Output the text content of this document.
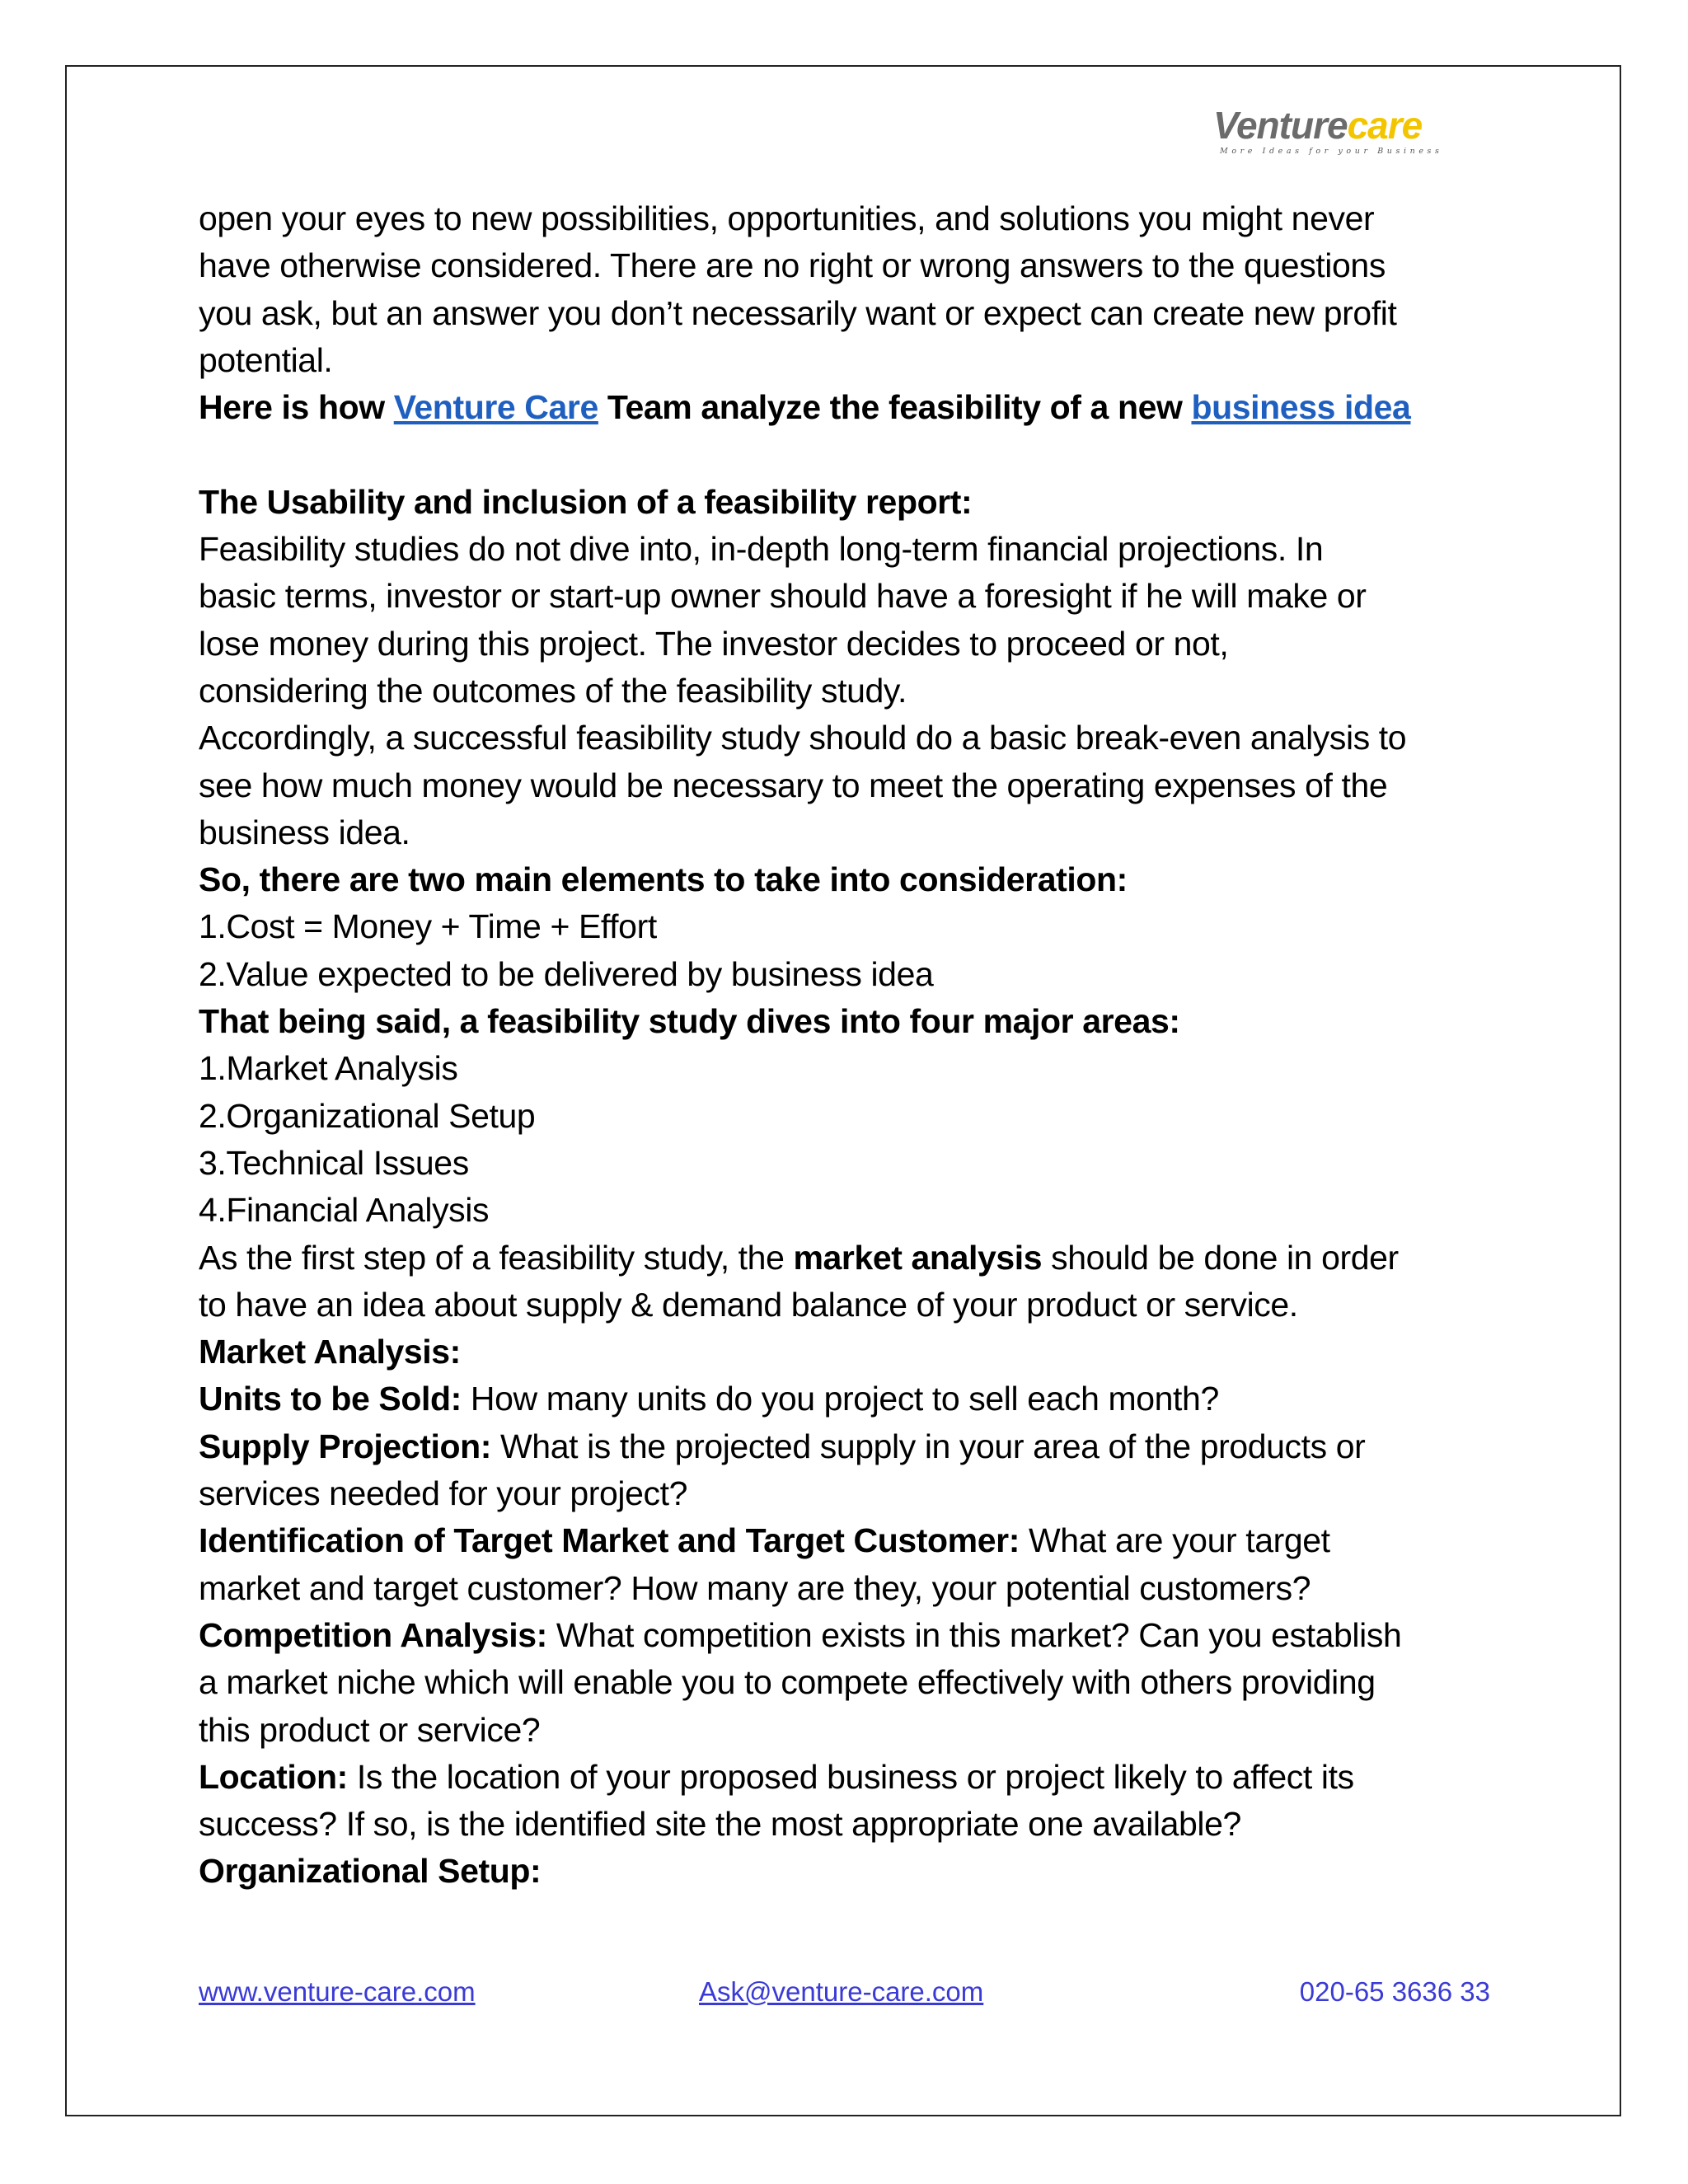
Venturecare
More Ideas for your Business

open your eyes to new possibilities, opportunities, and solutions you might never

have otherwise considered. There are no right or wrong answers to the questions

you ask, but an answer you don’t necessarily want or expect can create new profit

potential.

Here is how Venture Care Team analyze the feasibility of a new business idea

The Usability and inclusion of a feasibility report:

Feasibility studies do not dive into, in-depth long-term financial projections. In

basic terms, investor or start-up owner should have a foresight if he will make or

lose money during this project. The investor decides to proceed or not,

considering the outcomes of the feasibility study.

Accordingly, a successful feasibility study should do a basic break-even analysis to

see how much money would be necessary to meet the operating expenses of the

business idea.

So, there are two main elements to take into consideration:

1.Cost = Money + Time + Effort

2.Value expected to be delivered by business idea

That being said, a feasibility study dives into four major areas:

1.Market Analysis

2.Organizational Setup

3.Technical Issues

4.Financial Analysis

As the first step of a feasibility study, the market analysis should be done in order

to have an idea about supply & demand balance of your product or service.

Market Analysis:

Units to be Sold: How many units do you project to sell each month?

Supply Projection: What is the projected supply in your area of the products or

services needed for your project?

Identification of Target Market and Target Customer: What are your target

market and target customer? How many are they, your potential customers?

Competition Analysis: What competition exists in this market? Can you establish

a market niche which will enable you to compete effectively with others providing

this product or service?

Location: Is the location of your proposed business or project likely to affect its

success? If so, is the identified site the most appropriate one available?

Organizational Setup:

www.venture-care.com	Ask@venture-care.com	020-65 3636 33
